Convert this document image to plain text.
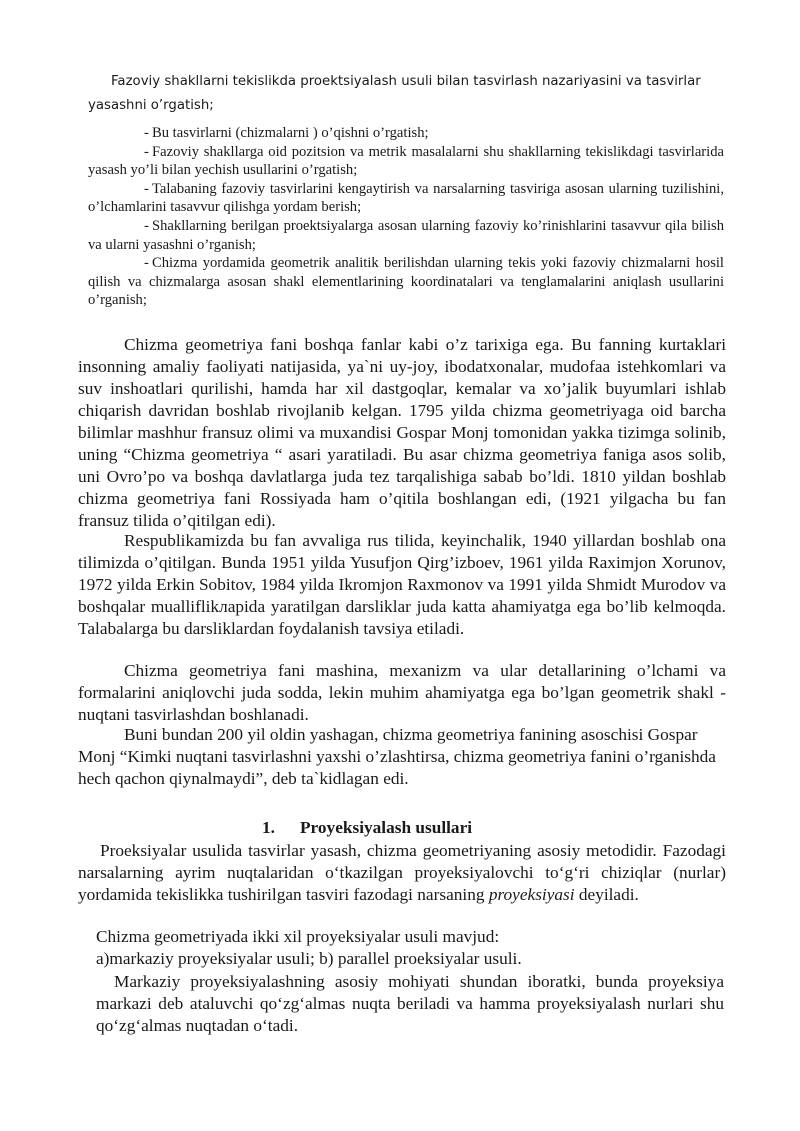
Fazoviy shakllarni tekislikda proektsiyalash usuli bilan tasvirlash nazariyasini va tasvirlar yasashni o’rgatish;

- Bu tasvirlarni (chizmalarni ) o’qishni o’rgatish;
- Fazoviy shakllarga oid pozitsion va metrik masalalarni shu shakllarning tekislikdagi tasvirlarida yasash yo’li bilan yechish usullarini o’rgatish;
- Talabaning fazoviy tasvirlarini kengaytirish va narsalarning tasviriga asosan ularning tuzilishini, o’lchamlarini tasavvur qilishga yordam berish;
- Shakllarning berilgan proektsiyalarga asosan ularning fazoviy ko’rinishlarini tasavvur qila bilish va ularni yasashni o’rganish;
- Chizma yordamida geometrik analitik berilishdan ularning tekis yoki fazoviy chizmalarni hosil qilish va chizmalarga asosan shakl elementlarining koordinatalari va tenglamalarini aniqlash usullarini o’rganish;

Chizma geometriya fani boshqa fanlar kabi o’z tarixiga ega. Bu fanning kurtaklari insonning amaliy faoliyati natijasida, ya`ni uy-joy, ibodatxonalar, mudofaa istehkomlari va suv inshoatlari qurilishi, hamda har xil dastgoqlar, kemalar va xo’jalik buyumlari ishlab chiqarish davridan boshlab rivojlanib kelgan. 1795 yilda chizma geometriyaga oid barcha bilimlar mashhur fransuz olimi va muxandisi Gospar Monj tomonidan yakka tizimga solinib, uning “Chizma geometriya “ asari yaratiladi. Bu asar chizma geometriya faniga asos solib, uni Ovro’po va boshqa davlatlarga juda tez tarqalishiga sabab bo’ldi. 1810 yildan boshlab chizma geometriya fani Rossiyada ham o’qitila boshlangan edi, (1921 yilgacha bu fan fransuz tilida o’qitilgan edi).

Respublikamizda bu fan avvaliga rus tilida, keyinchalik, 1940 yillardan boshlab ona tilimizda o’qitilgan. Bunda 1951 yilda Yusufjon Qirg’izboev, 1961 yilda Raximjon Xorunov, 1972 yilda Erkin Sobitov, 1984 yilda Ikromjon Raxmonov va 1991 yilda Shmidt Murodov va boshqalar mualliflikларida yaratilgan darsliklar juda katta ahamiyatga ega bo’lib kelmoqda. Talabalarga bu darsliklardan foydalanish tavsiya etiladi.

Chizma geometriya fani mashina, mexanizm va ular detallarining o’lchami va formalarini aniqlovchi juda sodda, lekin muhim ahamiyatga ega bo’lgan geometrik shakl - nuqtani tasvirlashdan boshlanadi.

Buni bundan 200 yil oldin yashagan, chizma geometriya fanining asoschisi Gospar Monj “Kimki nuqtani tasvirlashni yaxshi o’zlashtirsa, chizma geometriya fanini o’rganishda hech qachon qiynalmaydi”, deb ta`kidlagan edi.

1. Proyeksiyalash usullari

Proeksiyalar usulida tasvirlar yasash, chizma geometriyaning asosiy metodidir. Fazodagi narsalarning ayrim nuqtalaridan o‘tkazilgan proyeksiyalovchi to‘g‘ri chiziqlar (nurlar) yordamida tekislikka tushirilgan tasviri fazodagi narsaning proyeksiyasi deyiladi.

Chizma geometriyada ikki xil proyeksiyalar usuli mavjud:

a)markaziy proyeksiyalar usuli; b) parallel proeksiyalar usuli.

Markaziy proyeksiyalashning asosiy mohiyati shundan iboratki, bunda proyeksiya markazi deb ataluvchi qo‘zg‘almas nuqta beriladi va hamma proyeksiyalash nurlari shu qo‘zg‘almas nuqtadan o‘tadi.
